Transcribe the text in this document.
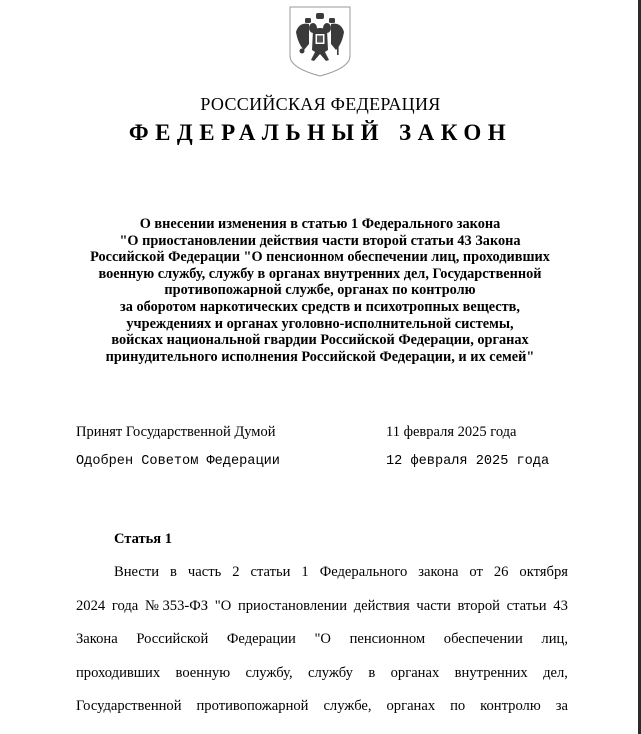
РОССИЙСКАЯ ФЕДЕРАЦИЯ
ФЕДЕРАЛЬНЫЙ ЗАКОН
О внесении изменения в статью 1 Федерального закона
"О приостановлении действия части второй статьи 43 Закона
Российской Федерации "О пенсионном обеспечении лиц, проходивших
военную службу, службу в органах внутренних дел, Государственной
противопожарной службе, органах по контролю
за оборотом наркотических средств и психотропных веществ,
учреждениях и органах уголовно-исполнительной системы,
войсках национальной гвардии Российской Федерации, органах
принудительного исполнения Российской Федерации, и их семей"
Принят Государственной Думой	11 февраля 2025 года
Одобрен Советом Федерации	12 февраля 2025 года
Статья 1
Внести в часть 2 статьи 1 Федерального закона от 26 октября
2024 года № 353-ФЗ "О приостановлении действия части второй статьи 43
Закона Российской Федерации "О пенсионном обеспечении лиц,
проходивших военную службу, службу в органах внутренних дел,
Государственной противопожарной службе, органах по контролю за
